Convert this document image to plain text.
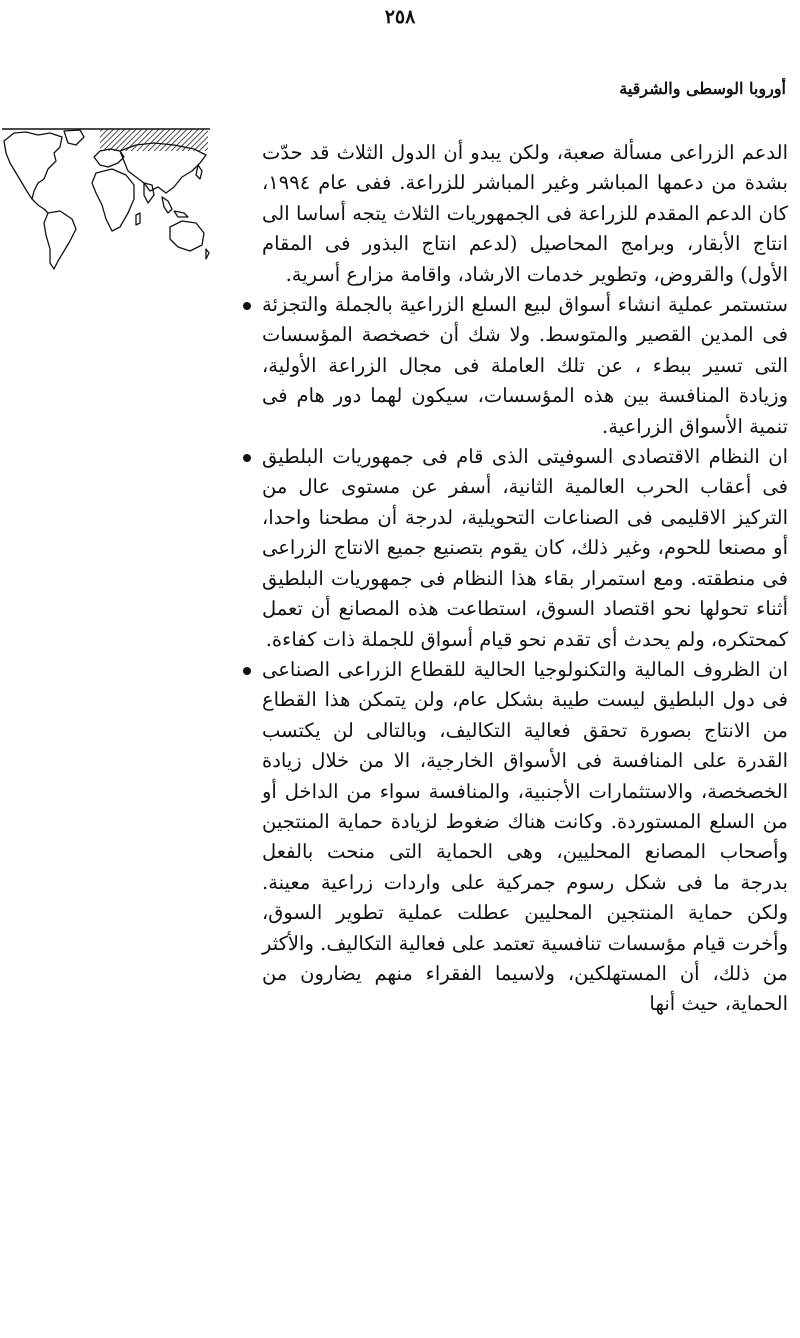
٢٥٨
أوروبا الوسطى والشرقية

الدعم الزراعى مسألة صعبة، ولكن يبدو أن الدول الثلاث قد حدّت بشدة من دعمها المباشر وغير المباشر للزراعة. ففى عام ١٩٩٤، كان الدعم المقدم للزراعة فى الجمهوريات الثلاث يتجه أساسا الى انتاج الأبقار، وبرامج المحاصيل (لدعم انتاج البذور فى المقام الأول) والقروض، وتطوير خدمات الارشاد، واقامة مزارع أسرية.

ستستمر عملية انشاء أسواق لبيع السلع الزراعية بالجملة والتجزئة فى المدين القصير والمتوسط. ولا شك أن خصخصة المؤسسات التى تسير ببطء ، عن تلك العاملة فى مجال الزراعة الأولية، وزيادة المنافسة بين هذه المؤسسات، سيكون لهما دور هام فى تنمية الأسواق الزراعية.

ان النظام الاقتصادى السوفيتى الذى قام فى جمهوريات البلطيق فى أعقاب الحرب العالمية الثانية، أسفر عن مستوى عال من التركيز الاقليمى فى الصناعات التحويلية، لدرجة أن مطحنا واحدا، أو مصنعا للحوم، وغير ذلك، كان يقوم بتصنيع جميع الانتاج الزراعى فى منطقته. ومع استمرار بقاء هذا النظام فى جمهوريات البلطيق أثناء تحولها نحو اقتصاد السوق، استطاعت هذه المصانع أن تعمل كمحتكره، ولم يحدث أى تقدم نحو قيام أسواق للجملة ذات كفاءة.

ان الظروف المالية والتكنولوجيا الحالية للقطاع الزراعى الصناعى فى دول البلطيق ليست طيبة بشكل عام، ولن يتمكن هذا القطاع من الانتاج بصورة تحقق فعالية التكاليف، وبالتالى لن يكتسب القدرة على المنافسة فى الأسواق الخارجية، الا من خلال زيادة الخصخصة، والاستثمارات الأجنبية، والمنافسة سواء من الداخل أو من السلع المستوردة. وكانت هناك ضغوط لزيادة حماية المنتجين وأصحاب المصانع المحليين، وهى الحماية التى منحت بالفعل بدرجة ما فى شكل رسوم جمركية على واردات زراعية معينة. ولكن حماية المنتجين المحليين عطلت عملية تطوير السوق، وأخرت قيام مؤسسات تنافسية تعتمد على فعالية التكاليف. والأكثر من ذلك، أن المستهلكين، ولاسيما الفقراء منهم يضارون من الحماية، حيث أنها
